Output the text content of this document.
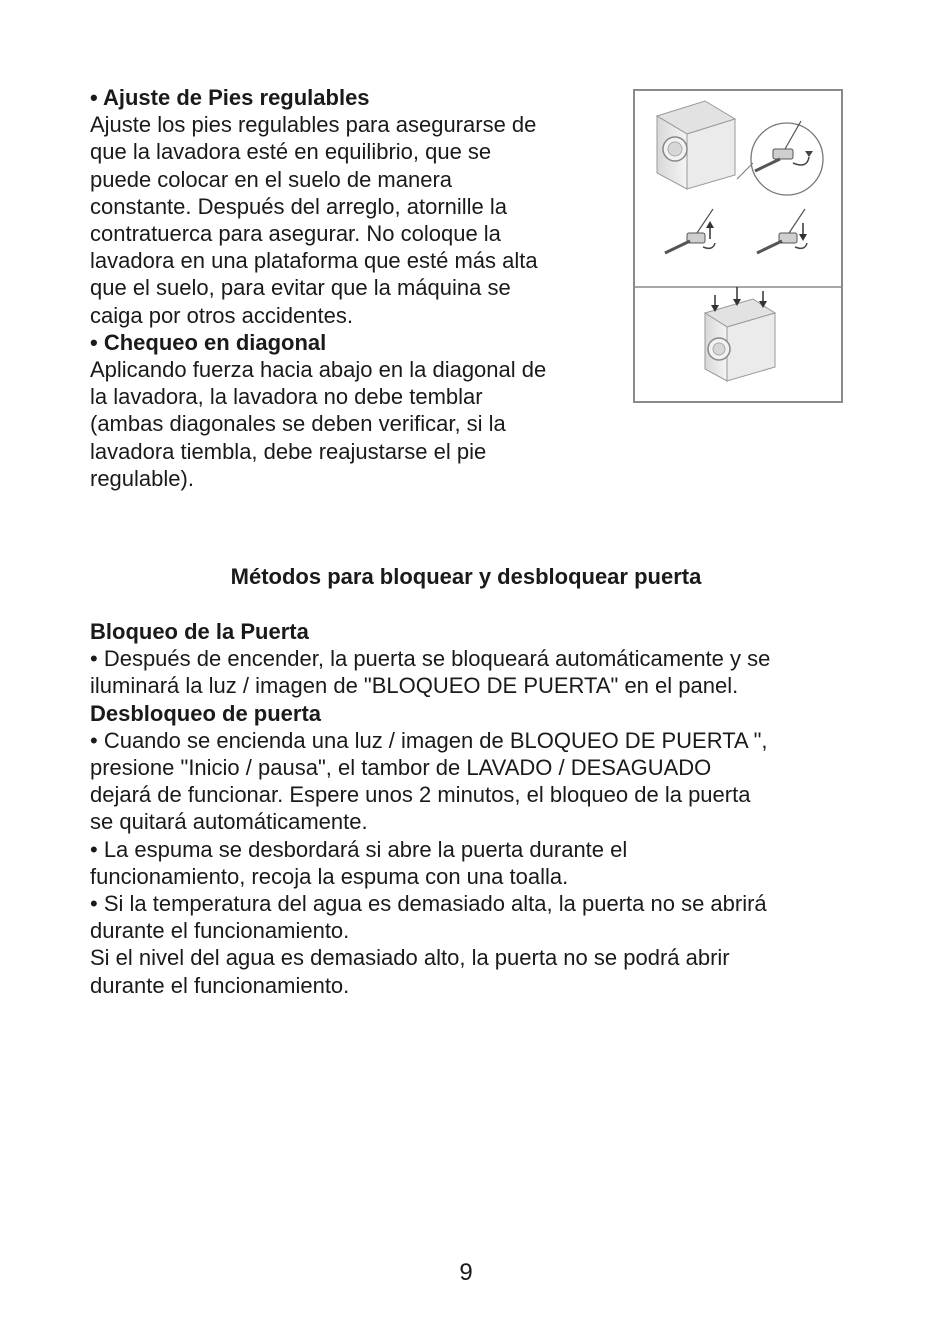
• Ajuste de Pies regulables
Ajuste los pies regulables para asegurarse de
que la lavadora esté en equilibrio, que se
puede colocar en el suelo de manera
constante. Después del arreglo, atornille la
contratuerca para asegurar. No coloque la
lavadora en una plataforma que esté más alta
que el suelo, para evitar que la máquina se
caiga por otros accidentes.
• Chequeo en diagonal
Aplicando fuerza hacia abajo en la diagonal de
la lavadora, la lavadora no debe temblar
(ambas diagonales se deben verificar, si la
lavadora tiembla, debe reajustarse el pie
regulable).
Métodos para bloquear y desbloquear puerta
Bloqueo de la Puerta
• Después de encender, la puerta se bloqueará automáticamente y se
iluminará la luz / imagen de "BLOQUEO DE PUERTA" en el panel.
Desbloqueo de puerta
• Cuando se encienda una luz / imagen de BLOQUEO DE PUERTA ",
presione "Inicio / pausa", el tambor de LAVADO / DESAGUADO
dejará de funcionar. Espere unos 2 minutos, el bloqueo de la puerta
se quitará automáticamente.
• La espuma se desbordará si abre la puerta durante el
funcionamiento, recoja la espuma con una toalla.
• Si la temperatura del agua es demasiado alta, la puerta no se abrirá
durante el funcionamiento.
Si el nivel del agua es demasiado alto, la puerta no se podrá abrir
durante el funcionamiento.
9
